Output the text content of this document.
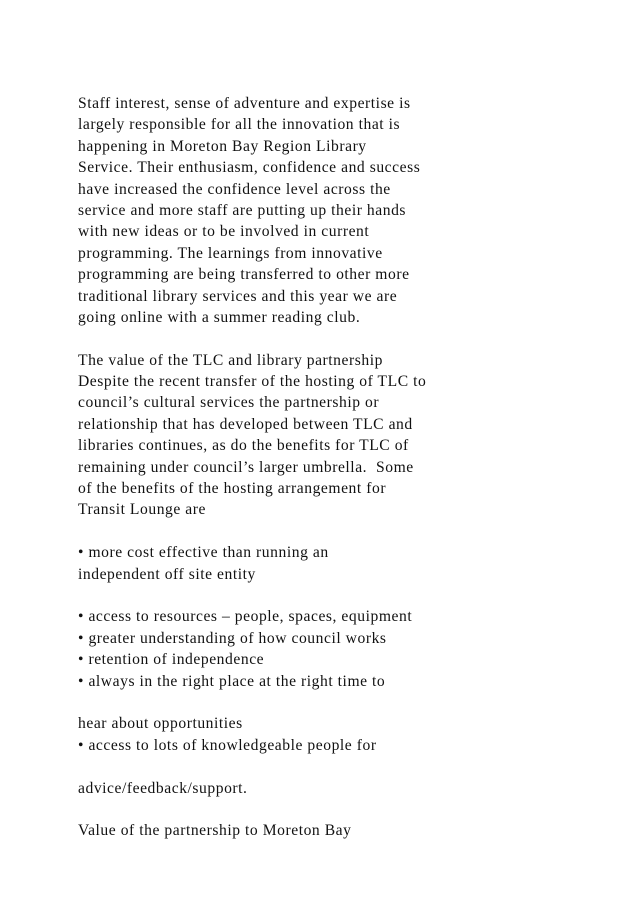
Staff interest, sense of adventure and expertise is
largely responsible for all the innovation that is
happening in Moreton Bay Region Library
Service. Their enthusiasm, confidence and success
have increased the confidence level across the
service and more staff are putting up their hands
with new ideas or to be involved in current
programming. The learnings from innovative
programming are being transferred to other more
traditional library services and this year we are
going online with a summer reading club.
The value of the TLC and library partnership
Despite the recent transfer of the hosting of TLC to
council’s cultural services the partnership or
relationship that has developed between TLC and
libraries continues, as do the benefits for TLC of
remaining under council’s larger umbrella.  Some
of the benefits of the hosting arrangement for
Transit Lounge are
• more cost effective than running an
independent off site entity
• access to resources – people, spaces, equipment
• greater understanding of how council works
• retention of independence
• always in the right place at the right time to
hear about opportunities
• access to lots of knowledgeable people for
advice/feedback/support.
Value of the partnership to Moreton Bay
